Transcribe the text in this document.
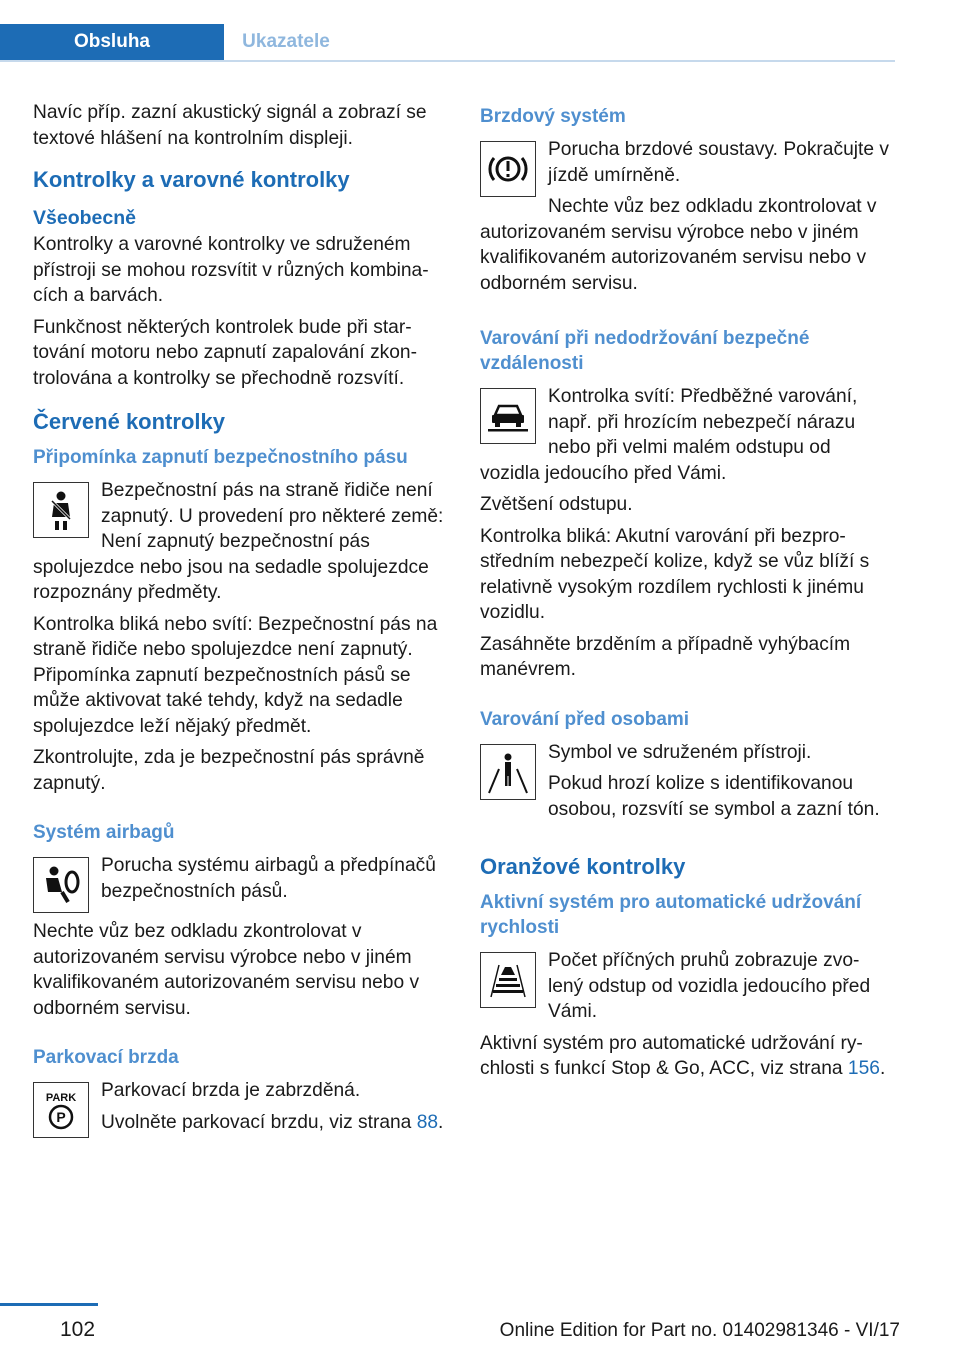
Obsluha	Ukazatele

Navíc příp. zazní akustický signál a zobrazí se textové hlášení na kontrolním displeji.

Kontrolky a varovné kontrolky
Všeobecně

Kontrolky a varovné kontrolky ve sdruženém přístroji se mohou rozsvítit v různých kombina‐cích a barvách.

Funkčnost některých kontrolek bude při star‐tování motoru nebo zapnutí zapalování zkon‐trolována a kontrolky se přechodně rozsvítí.

Červené kontrolky
Připomínka zapnutí bezpečnostního pásu

Bezpečnostní pás na straně řidiče není zapnutý. U provedení pro některé země: Není zapnutý bezpečnostní pás spolujezdce nebo jsou na sedadle spolujezdce rozpoznány předměty.

Kontrolka bliká nebo svítí: Bezpečnostní pás na straně řidiče nebo spolujezdce není zapnutý. Připomínka zapnutí bezpečnostních pásů se může aktivovat také tehdy, když na sedadle spolujezdce leží nějaký předmět.

Zkontrolujte, zda je bezpečnostní pás správně zapnutý.

Systém airbagů

Porucha systému airbagů a předpínačů bezpečnostních pásů.

Nechte vůz bez odkladu zkontrolovat v autorizovaném servisu výrobce nebo v jiném kvalifikovaném autorizovaném servisu nebo v odborném servisu.

Parkovací brzda
PARK
P

Parkovací brzda je zabrzděná.

Uvolněte parkovací brzdu, viz strana 88.

Brzdový systém

Porucha brzdové soustavy. Pokračujte v jízdě umírněně.

Nechte vůz bez odkladu zkontrolovat v autorizovaném servisu výrobce nebo v jiném kvalifikovaném autorizovaném servisu nebo v odborném servisu.

Varování při nedodržování bezpečné vzdálenosti

Kontrolka svítí: Předběžné varování, např. při hrozícím nebezpečí nárazu nebo při velmi malém odstupu od vozidla jedoucího před Vámi.

Zvětšení odstupu.

Kontrolka bliká: Akutní varování při bezpro‐středním nebezpečí kolize, když se vůz blíží s relativně vysokým rozdílem rychlosti k jinému vozidlu.

Zasáhněte brzděním a případně vyhýbacím manévrem.

Varování před osobami

Symbol ve sdruženém přístroji.

Pokud hrozí kolize s identifikovanou osobou, rozsvítí se symbol a zazní tón.

Oranžové kontrolky
Aktivní systém pro automatické udržování rychlosti

Počet příčných pruhů zobrazuje zvo‐lený odstup od vozidla jedoucího před Vámi.

Aktivní systém pro automatické udržování ry‐chlosti s funkcí Stop & Go, ACC, viz strana 156.

102	Online Edition for Part no. 01402981346 - VI/17
